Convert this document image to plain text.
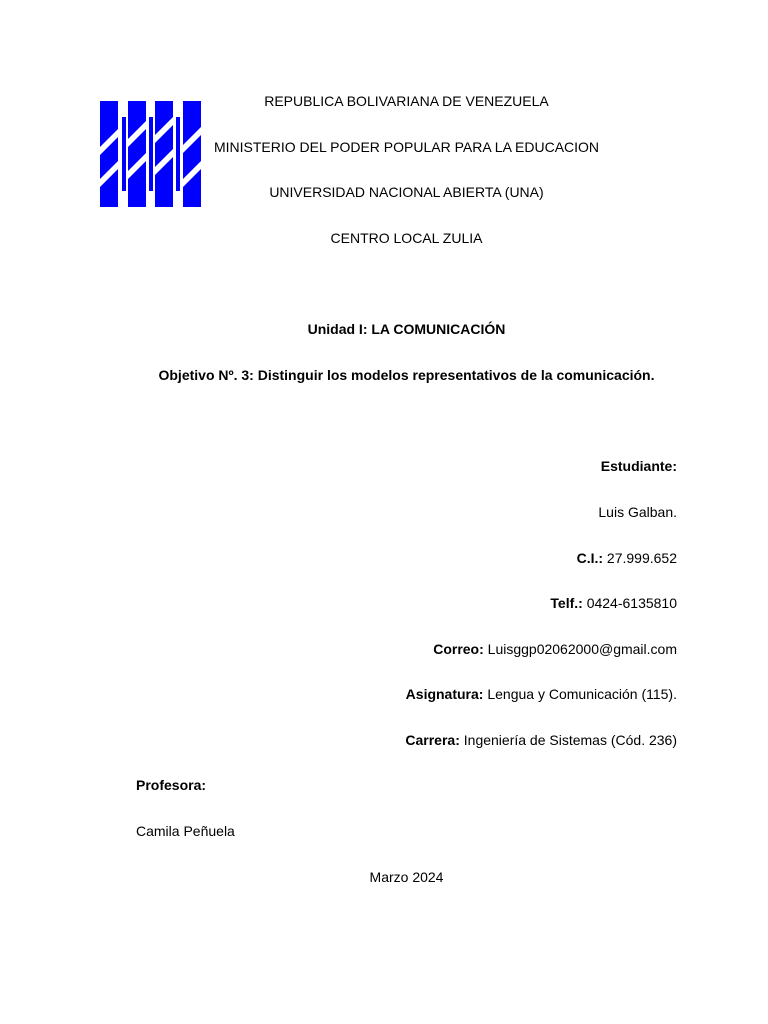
REPUBLICA BOLIVARIANA DE VENEZUELA
MINISTERIO DEL PODER POPULAR PARA LA EDUCACION
UNIVERSIDAD NACIONAL ABIERTA (UNA)
CENTRO LOCAL ZULIA
Unidad I: LA COMUNICACIÓN
Objetivo Nº. 3: Distinguir los modelos representativos de la comunicación.
Estudiante:
Luis Galban.
C.I.: 27.999.652
Telf.: 0424-6135810
Correo: Luisggp02062000@gmail.com
Asignatura: Lengua y Comunicación (115).
Carrera: Ingeniería de Sistemas (Cód. 236)
Profesora:
Camila Peñuela
Marzo 2024
